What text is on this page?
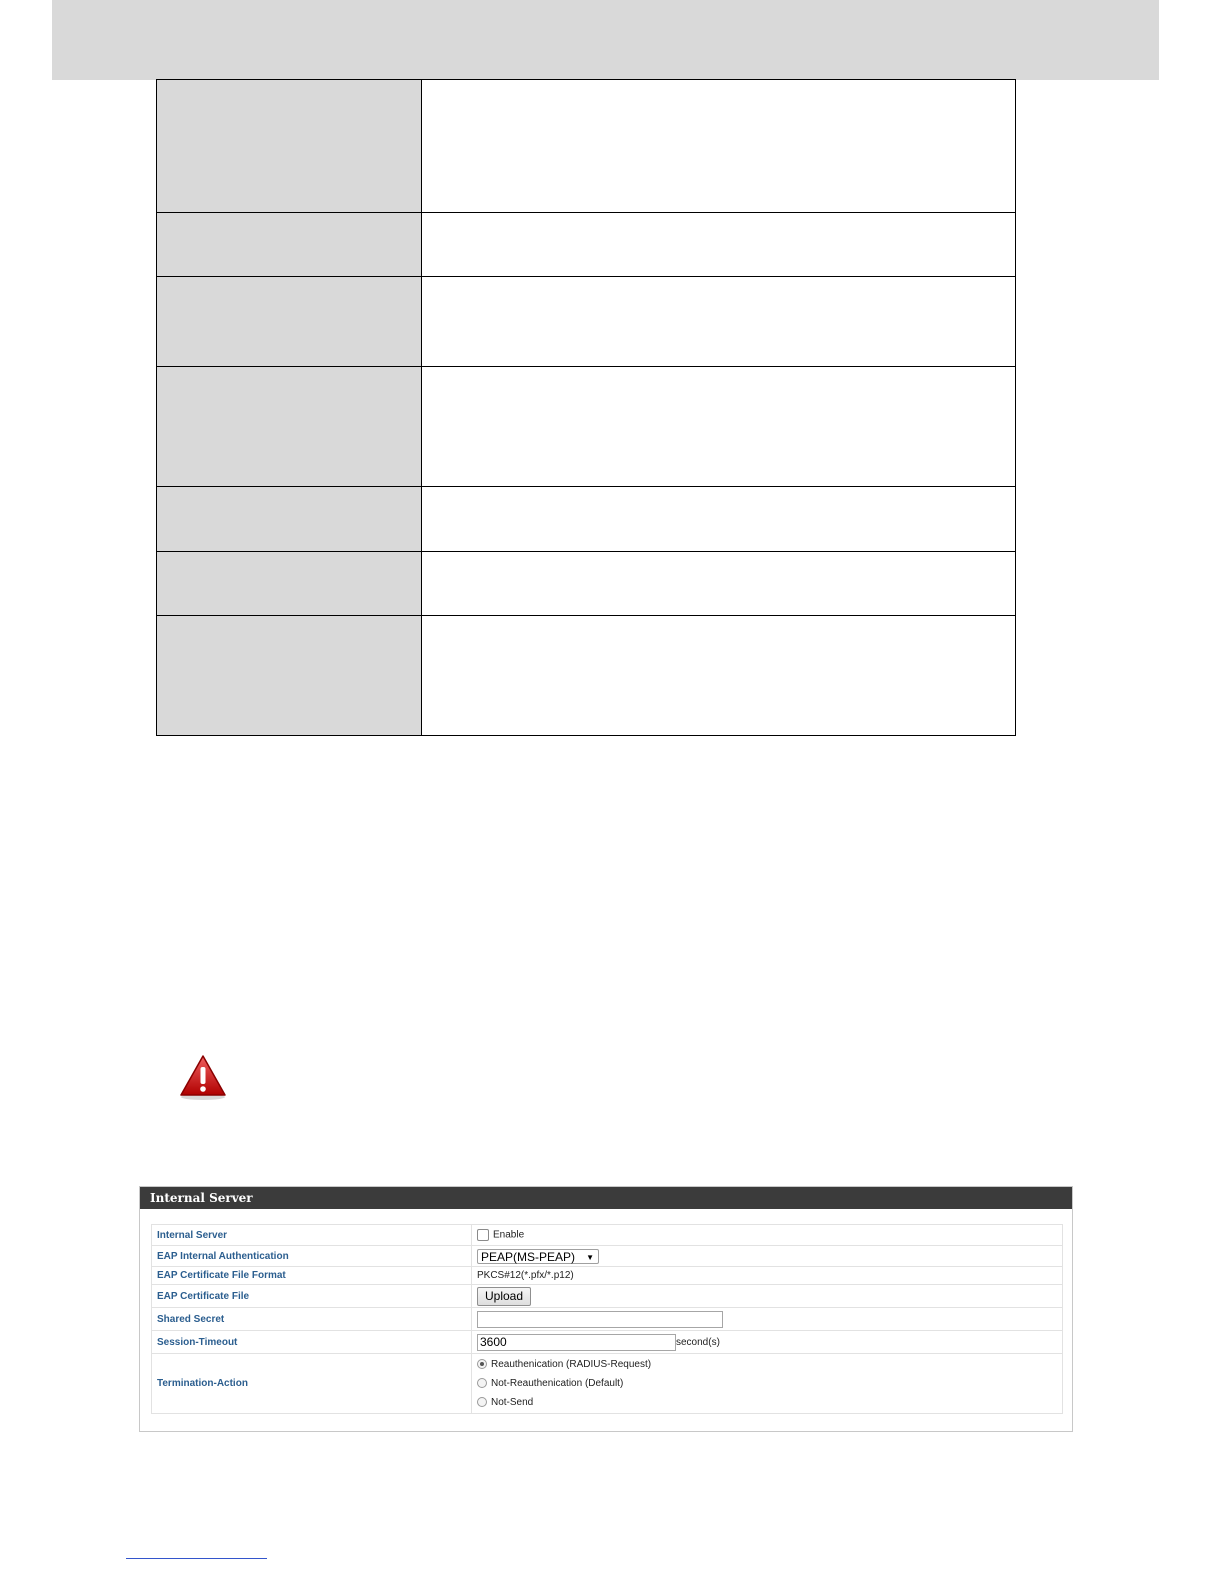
Internal Server
Internal Server	Enable
EAP Internal Authentication	PEAP(MS-PEAP) ▼

EAP Certificate File Format	PKCS#12(*.pfx/*.p12)
EAP Certificate File	Upload
Shared Secret	
Session-Timeout	3600 second(s)
Termination-Action	Reauthenication (RADIUS-Request)
Not-Reauthenication (Default)
Not-Send
